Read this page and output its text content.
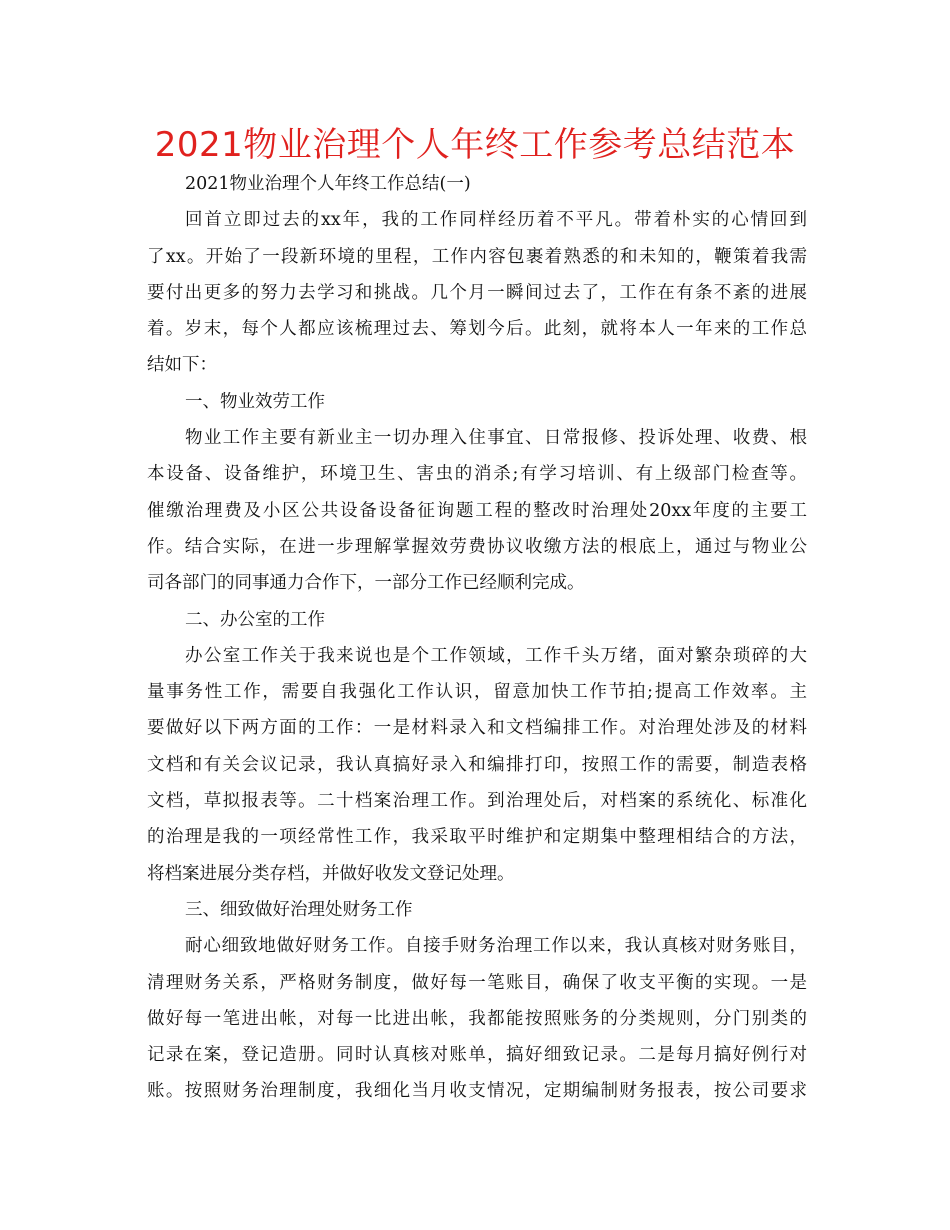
2021物业治理个人年终工作参考总结范本
2021物业治理个人年终工作总结(一)
回首立即过去的xx年，我的工作同样经历着不平凡。带着朴实的心情回到
了xx。开始了一段新环境的里程，工作内容包裹着熟悉的和未知的，鞭策着我需
要付出更多的努力去学习和挑战。几个月一瞬间过去了，工作在有条不紊的进展
着。岁末，每个人都应该梳理过去、筹划今后。此刻，就将本人一年来的工作总
结如下：
一、物业效劳工作
物业工作主要有新业主一切办理入住事宜、日常报修、投诉处理、收费、根
本设备、设备维护，环境卫生、害虫的消杀;有学习培训、有上级部门检查等。
催缴治理费及小区公共设备设备征询题工程的整改时治理处20xx年度的主要工
作。结合实际，在进一步理解掌握效劳费协议收缴方法的根底上，通过与物业公
司各部门的同事通力合作下，一部分工作已经顺利完成。
二、办公室的工作
办公室工作关于我来说也是个工作领域，工作千头万绪，面对繁杂琐碎的大
量事务性工作，需要自我强化工作认识，留意加快工作节拍;提高工作效率。主
要做好以下两方面的工作：一是材料录入和文档编排工作。对治理处涉及的材料
文档和有关会议记录，我认真搞好录入和编排打印，按照工作的需要，制造表格
文档，草拟报表等。二十档案治理工作。到治理处后，对档案的系统化、标准化
的治理是我的一项经常性工作，我采取平时维护和定期集中整理相结合的方法，
将档案进展分类存档，并做好收发文登记处理。
三、细致做好治理处财务工作
耐心细致地做好财务工作。自接手财务治理工作以来，我认真核对财务账目，
清理财务关系，严格财务制度，做好每一笔账目，确保了收支平衡的实现。一是
做好每一笔进出帐，对每一比进出帐，我都能按照账务的分类规则，分门别类的
记录在案，登记造册。同时认真核对账单，搞好细致记录。二是每月搞好例行对
账。按照财务治理制度，我细化当月收支情况，定期编制财务报表，按公司要求
